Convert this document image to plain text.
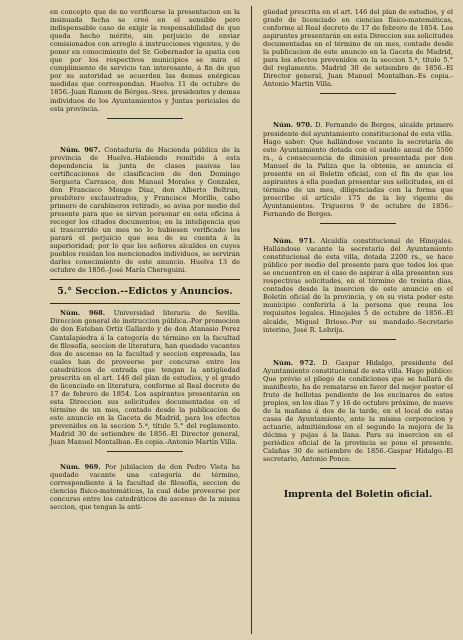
en concepto que de no verificarse la presentacion en la insinuada fecha se creé en el sensible pero indispensable caso de exigir la responsabilidad de que queda hecho mérito, sin perjuicio de enviar comisionados con arreglo á instrucciones vigentes, y de poner en conocimiento del Sr. Gobernador la apatia con que por los respectivos municipios se mira el cumplimiento de servicio tan interesante, á fin de que por su autoridad se acuerden las demas enérgicas medidas que correspondan. Huelva 11 de octubre de 1856.-Juan Ramon de Bérges.-Sres. presidentes y demas individuos de los Ayuntamientos y Juntas periciales de esta provincia.

Núm. 967. Contaduría de Hacienda pública de la provincia de Huelva.-Habiendo remitido á esta dependencia la junta de clases pasivas las certificaciones de clasificacion de don Domingo Sergueta Carrasco, don Manuel Morales y Gonzalez, don Francisco Monge Diaz, don Alberto Beltran, presbítero exclaustrados, y Francisco Morillo, cabo primero de carabineros retirado, se avisa por medio del presente para que se sirvan personar en esta oficina á recoger los citados documentos; en la inteligencia que si trascurrido un mes no lo hubiesen verificado los parará el perjuicio que sea de su cuenta á la superioridad; por lo que los señores alcaldes en cuyos pueblos residan los mencionados individuos, se servirán darles conocimiento de este anuncio. Huelva 13 de octubre de 1856.-José María Chereguini.

5.° Seccion.--Edictos y Anuncios.

Núm. 968. Universidad literaria de Sevilla. Direccion general de instruccion pública.-Por promocion de don Esteban Ortiz Gallardo y de don Atanasio Perez Cantalapiedra á la categoría de término en la facultad de filosofía, seccion de literatura, han quedado vacantes dos de ascenso en la facultad y seccion expresada, las cuales han de proveerse por concurso entre los catedráticos de entrada que tengan la antigüedad prescrita en el art. 146 del plan de estudios, y el grado de licenciado en literatura, conforme al Real decreto de 17 de febrero de 1854. Los aspirantes presentarán en esta Direccion sus solicitudes documentadas en el término de un mes, contado desde la publicacion de este anuncio en la Gaceta de Madrid, para los efectos prevenidos en la seccion 5.ª, título 5.° del reglamento. Madrid 30 de setiembre de 1856.-El Director general, Juan Manuel Montalban.-Es copia.-Antonio Martin Villa.

Núm. 969. Por jubilacion de don Pedro Vieta ha quedado vacante una categoría de término, correspondiente á la facultad de filosofía, seccion de ciencias físico-matemáticas, la cual debe proveerse por concurso entre los catedráticos de ascenso de la misma seccion, que tengan la anti-

güedad prescrita en el art. 146 del plan de estudios, y el grado de licenciado en ciencias físico-matemáticas, conforme al Real decreto de 17 de febrero de 1854. Los aspirantes presentarán en esta Direccion sus solicitudes documentadas en el término de un mes, contado desde la publicacion de este anuncio en la Gaceta de Madrid, para los efectos prevenidos en la seccion 5.ª, título 5.° del reglamento. Madrid 30 de setiembre de 1856.-El Director general, Juan Manuel Montalban.-Es copia.-Antonio Martin Villa.

Núm. 970. D. Fernando de Berges, alcalde primero presidente del ayuntamiento constitucional de esta villa. Hago saber: Que hallándose vacante la secretaría de este Ayuntamiento dotada con el sueldo anual de 5500 rs., á consecuencia de dimision presentada por don Manuel de la Paliza que la obtenia, se anuncia el presente en el Boletin oficial, con el fin de que los aspirantes á ella puedan presentar sus solicitudes, en el término de un mes, diligenciadas con la forma que prescribe el artículo 175 de la ley vigente de Ayuntamientos. Trigueros 9 de octubre de 1856.-Fernando de Berges.

Núm. 971. Alcaldía constitucional de Hinojales. Hallándose vacante la secretaría del Ayuntamiento constitucional de esta villa, dotada 2200 rs., se hace público por medio del presente para que todos los que se encuentren en el caso de aspirar á ella presenten sus respectivas solicitudes, en el término de treinta dias, contados desde la insercion de este anuncio en el Boletin oficial de la provincia, y en su vista poder este municipio conferirla á la persona que reuna los requisitos legales. Hinojales 5 de octubre de 1856.-El alcalde, Miguel Brioso.-Por su mandado.-Secretario interino, José R. Lebrija.

Núm. 972. D. Gaspar Hidalgo, presidente del Ayuntamiento constitucional de esta villa. Hago público: Que prévio el pliego de condiciones que se hallará de manifiesto, ha de rematarse en favor del mejor postor el fruto de bellotas pendiente de los encinares de estos propios, en los dias 7 y 16 de octubre próximo, de nueve de la mañana á dos de la tarde, en el local de estas casas de Ayuntamiento, ante la misma corporacion y actuario, admitiéndose en el segundo la mejora de la décima y pujas á la llana. Para su insercion en el periódico oficial de la provincia se pone el presente. Calañas 30 de setiembre de 1856.-Gaspar Hidalgo.-El secretario, Antonio Ponce.

Imprenta del Boletin oficial.
